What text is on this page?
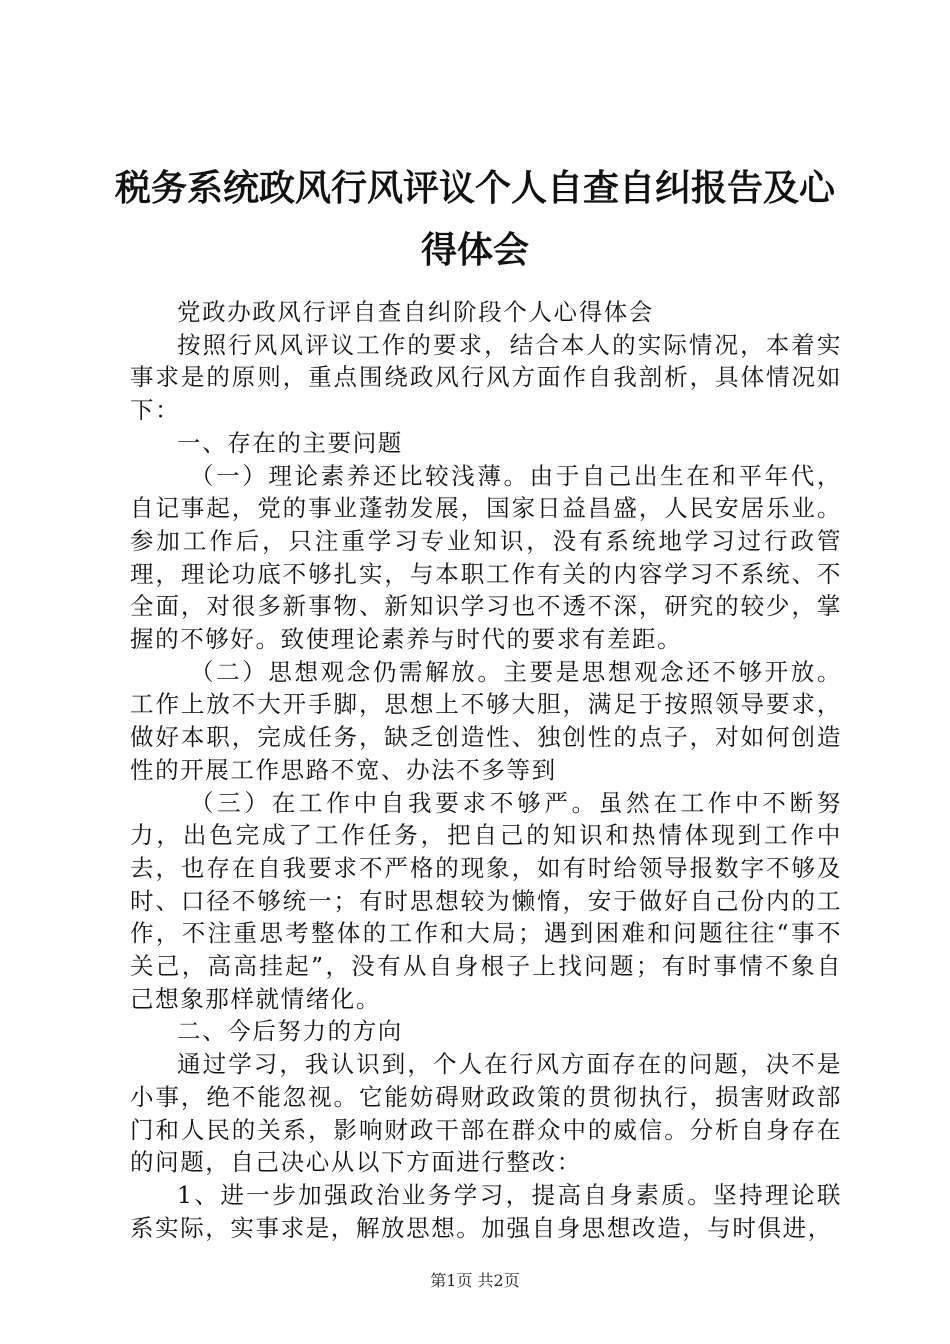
税务系统政风行风评议个人自查自纠报告及心
得体会

党政办政风行评自查自纠阶段个人心得体会

按照行风风评议工作的要求，结合本人的实际情况，本着实事求是的原则，重点围绕政风行风方面作自我剖析，具体情况如下：

一、存在的主要问题

（一）理论素养还比较浅薄。由于自己出生在和平年代，自记事起，党的事业蓬勃发展，国家日益昌盛，人民安居乐业。参加工作后，只注重学习专业知识，没有系统地学习过行政管理，理论功底不够扎实，与本职工作有关的内容学习不系统、不全面，对很多新事物、新知识学习也不透不深，研究的较少，掌握的不够好。致使理论素养与时代的要求有差距。

（二）思想观念仍需解放。主要是思想观念还不够开放。工作上放不大开手脚，思想上不够大胆，满足于按照领导要求，做好本职，完成任务，缺乏创造性、独创性的点子，对如何创造性的开展工作思路不宽、办法不多等到

（三）在工作中自我要求不够严。虽然在工作中不断努力，出色完成了工作任务，把自己的知识和热情体现到工作中去，也存在自我要求不严格的现象，如有时给领导报数字不够及时、口径不够统一；有时思想较为懒惰，安于做好自己份内的工作，不注重思考整体的工作和大局；遇到困难和问题往往“事不关己，高高挂起”，没有从自身根子上找问题；有时事情不象自己想象那样就情绪化。

二、今后努力的方向

通过学习，我认识到，个人在行风方面存在的问题，决不是小事，绝不能忽视。它能妨碍财政政策的贯彻执行，损害财政部门和人民的关系，影响财政干部在群众中的威信。分析自身存在的问题，自己决心从以下方面进行整改：

1、进一步加强政治业务学习，提高自身素质。坚持理论联系实际，实事求是，解放思想。加强自身思想改造，与时俱进，

第1页 共2页
